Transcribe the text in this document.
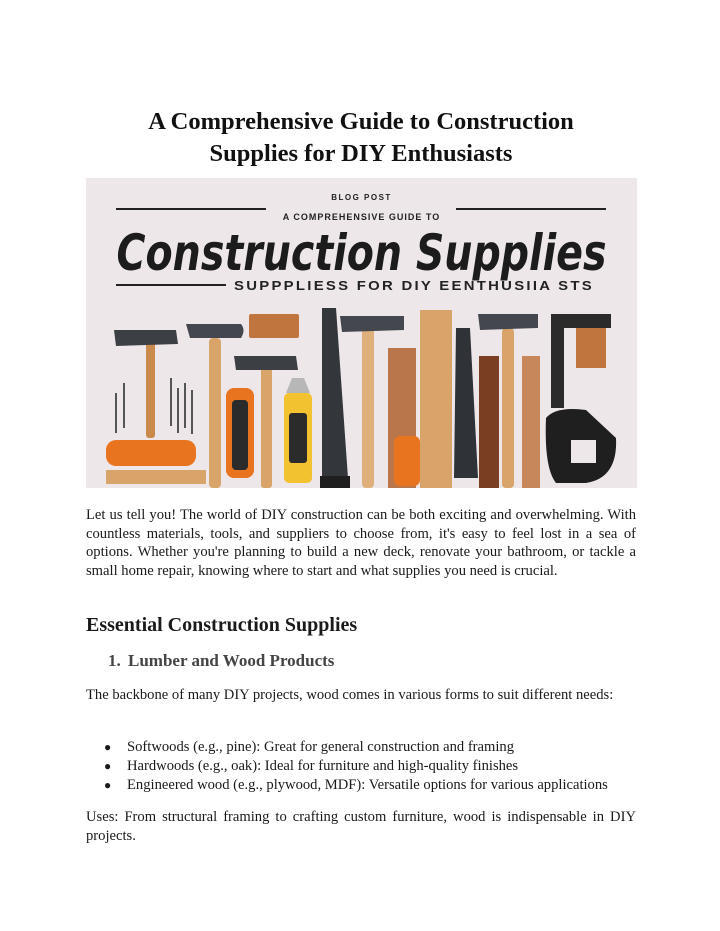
A Comprehensive Guide to Construction
Supplies for DIY Enthusiasts
BLOG POST
A COMPREHENSIVE GUIDE TO
Construction Supplies
SUPPPLIESS FOR DIY EENTHUSIIA STS

Let us tell you! The world of DIY construction can be both exciting and overwhelming. With countless materials, tools, and suppliers to choose from, it's easy to feel lost in a sea of options. Whether you're planning to build a new deck, renovate your bathroom, or tackle a small home repair, knowing where to start and what supplies you need is crucial.

Essential Construction Supplies
1. Lumber and Wood Products

The backbone of many DIY projects, wood comes in various forms to suit different needs:

●	Softwoods (e.g., pine): Great for general construction and framing
●	Hardwoods (e.g., oak): Ideal for furniture and high-quality finishes
●	Engineered wood (e.g., plywood, MDF): Versatile options for various applications

Uses: From structural framing to crafting custom furniture, wood is indispensable in DIY projects.
